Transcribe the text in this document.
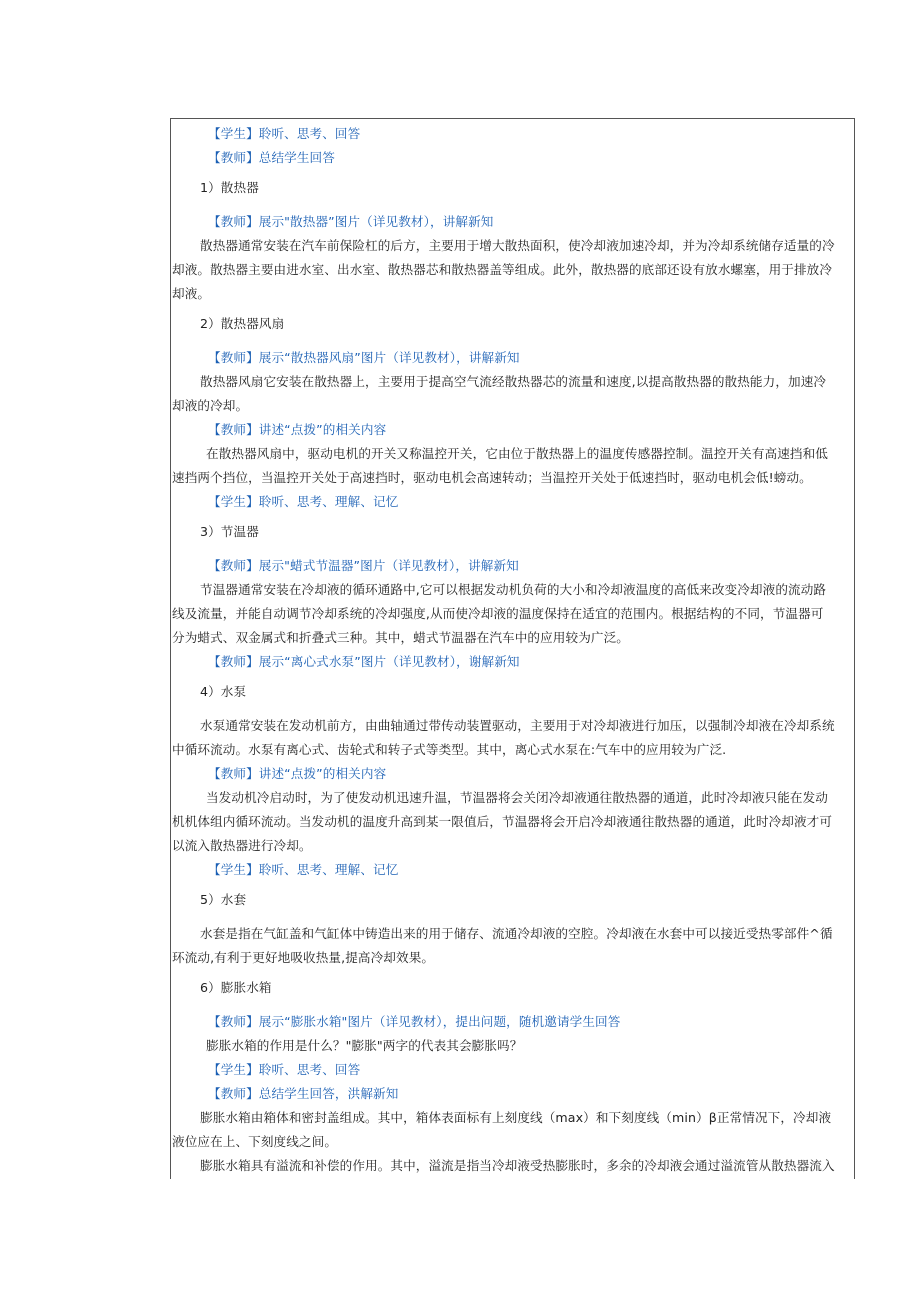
【学生】聆听、思考、回答
【教师】总结学生回答
1）散热器
【教师】展示"散热器”图片（详见教材），讲解新知
散热器通常安装在汽车前保险杠的后方，主要用于增大散热面积，使冷却液加速冷却，并为冷却系统储存适量的冷
却液。散热器主要由进水室、出水室、散热器芯和散热器盖等组成。此外，散热器的底部还设有放水螺塞，用于排放冷
却液。
2）散热器风扇
【教师】展示“散热器风扇”图片（详见教材），讲解新知
散热器风扇它安装在散热器上，主要用于提高空气流经散热器芯的流量和速度,以提高散热器的散热能力，加速冷
却液的冷却。
【教师】讲述“点拨”的相关内容
在散热器风扇中，驱动电机的开关又称温控开关，它由位于散热器上的温度传感器控制。温控开关有高速挡和低
速挡两个挡位，当温控开关处于高速挡时，驱动电机会高速转动；当温控开关处于低速挡时，驱动电机会低!螃动。
【学生】聆听、思考、理解、记忆
3）节温器
【教师】展示"蜡式节温器”图片（详见教材），讲解新知
节温器通常安装在冷却液的循环通路中,它可以根据发动机负荷的大小和冷却液温度的高低来改变冷却液的流动路
线及流量，并能自动调节冷却系统的冷却强度,从而使冷却液的温度保持在适宜的范围内。根据结构的不同，节温器可
分为蜡式、双金属式和折叠式三种。其中，蜡式节温器在汽车中的应用较为广泛。
【教师】展示“离心式水泵”图片（详见教材），谢解新知
4）水泵
水泵通常安装在发动机前方，由曲轴通过带传动装置驱动，主要用于对冷却液进行加压，以强制冷却液在冷却系统
中循环流动。水泵有离心式、齿轮式和转子式等类型。其中，离心式水泵在:气车中的应用较为广泛.
【教师】讲述“点拨”的相关内容
当发动机冷启动时，为了使发动机迅速升温，节温器将会关闭冷却液通往散热器的通道，此时冷却液只能在发动
机机体组内循环流动。当发动机的温度升高到某一限值后，节温器将会开启冷却液通往散热器的通道，此时冷却液才可
以流入散热器进行冷却。
【学生】聆听、思考、理解、记忆
5）水套
水套是指在气缸盖和气缸体中铸造出来的用于储存、流通冷却液的空腔。冷却液在水套中可以接近受热零部件^循
环流动,有利于更好地吸收热量,提高冷却效果。
6）膨胀水箱
【教师】展示“膨胀水箱"图片（详见教材），提出问题，随机邀请学生回答
膨胀水箱的作用是什么？"膨胀"两字的代表其会膨胀吗？
【学生】聆听、思考、回答
【教师】总结学生回答，洪解新知
膨胀水箱由箱体和密封盖组成。其中，箱体表面标有上刻度线（max）和下刻度线（min）β正常情况下，冷却液
液位应在上、下刻度线之间。
膨胀水箱具有溢流和补偿的作用。其中，溢流是指当冷却液受热膨胀时，多余的冷却液会通过溢流管从散热器流入
